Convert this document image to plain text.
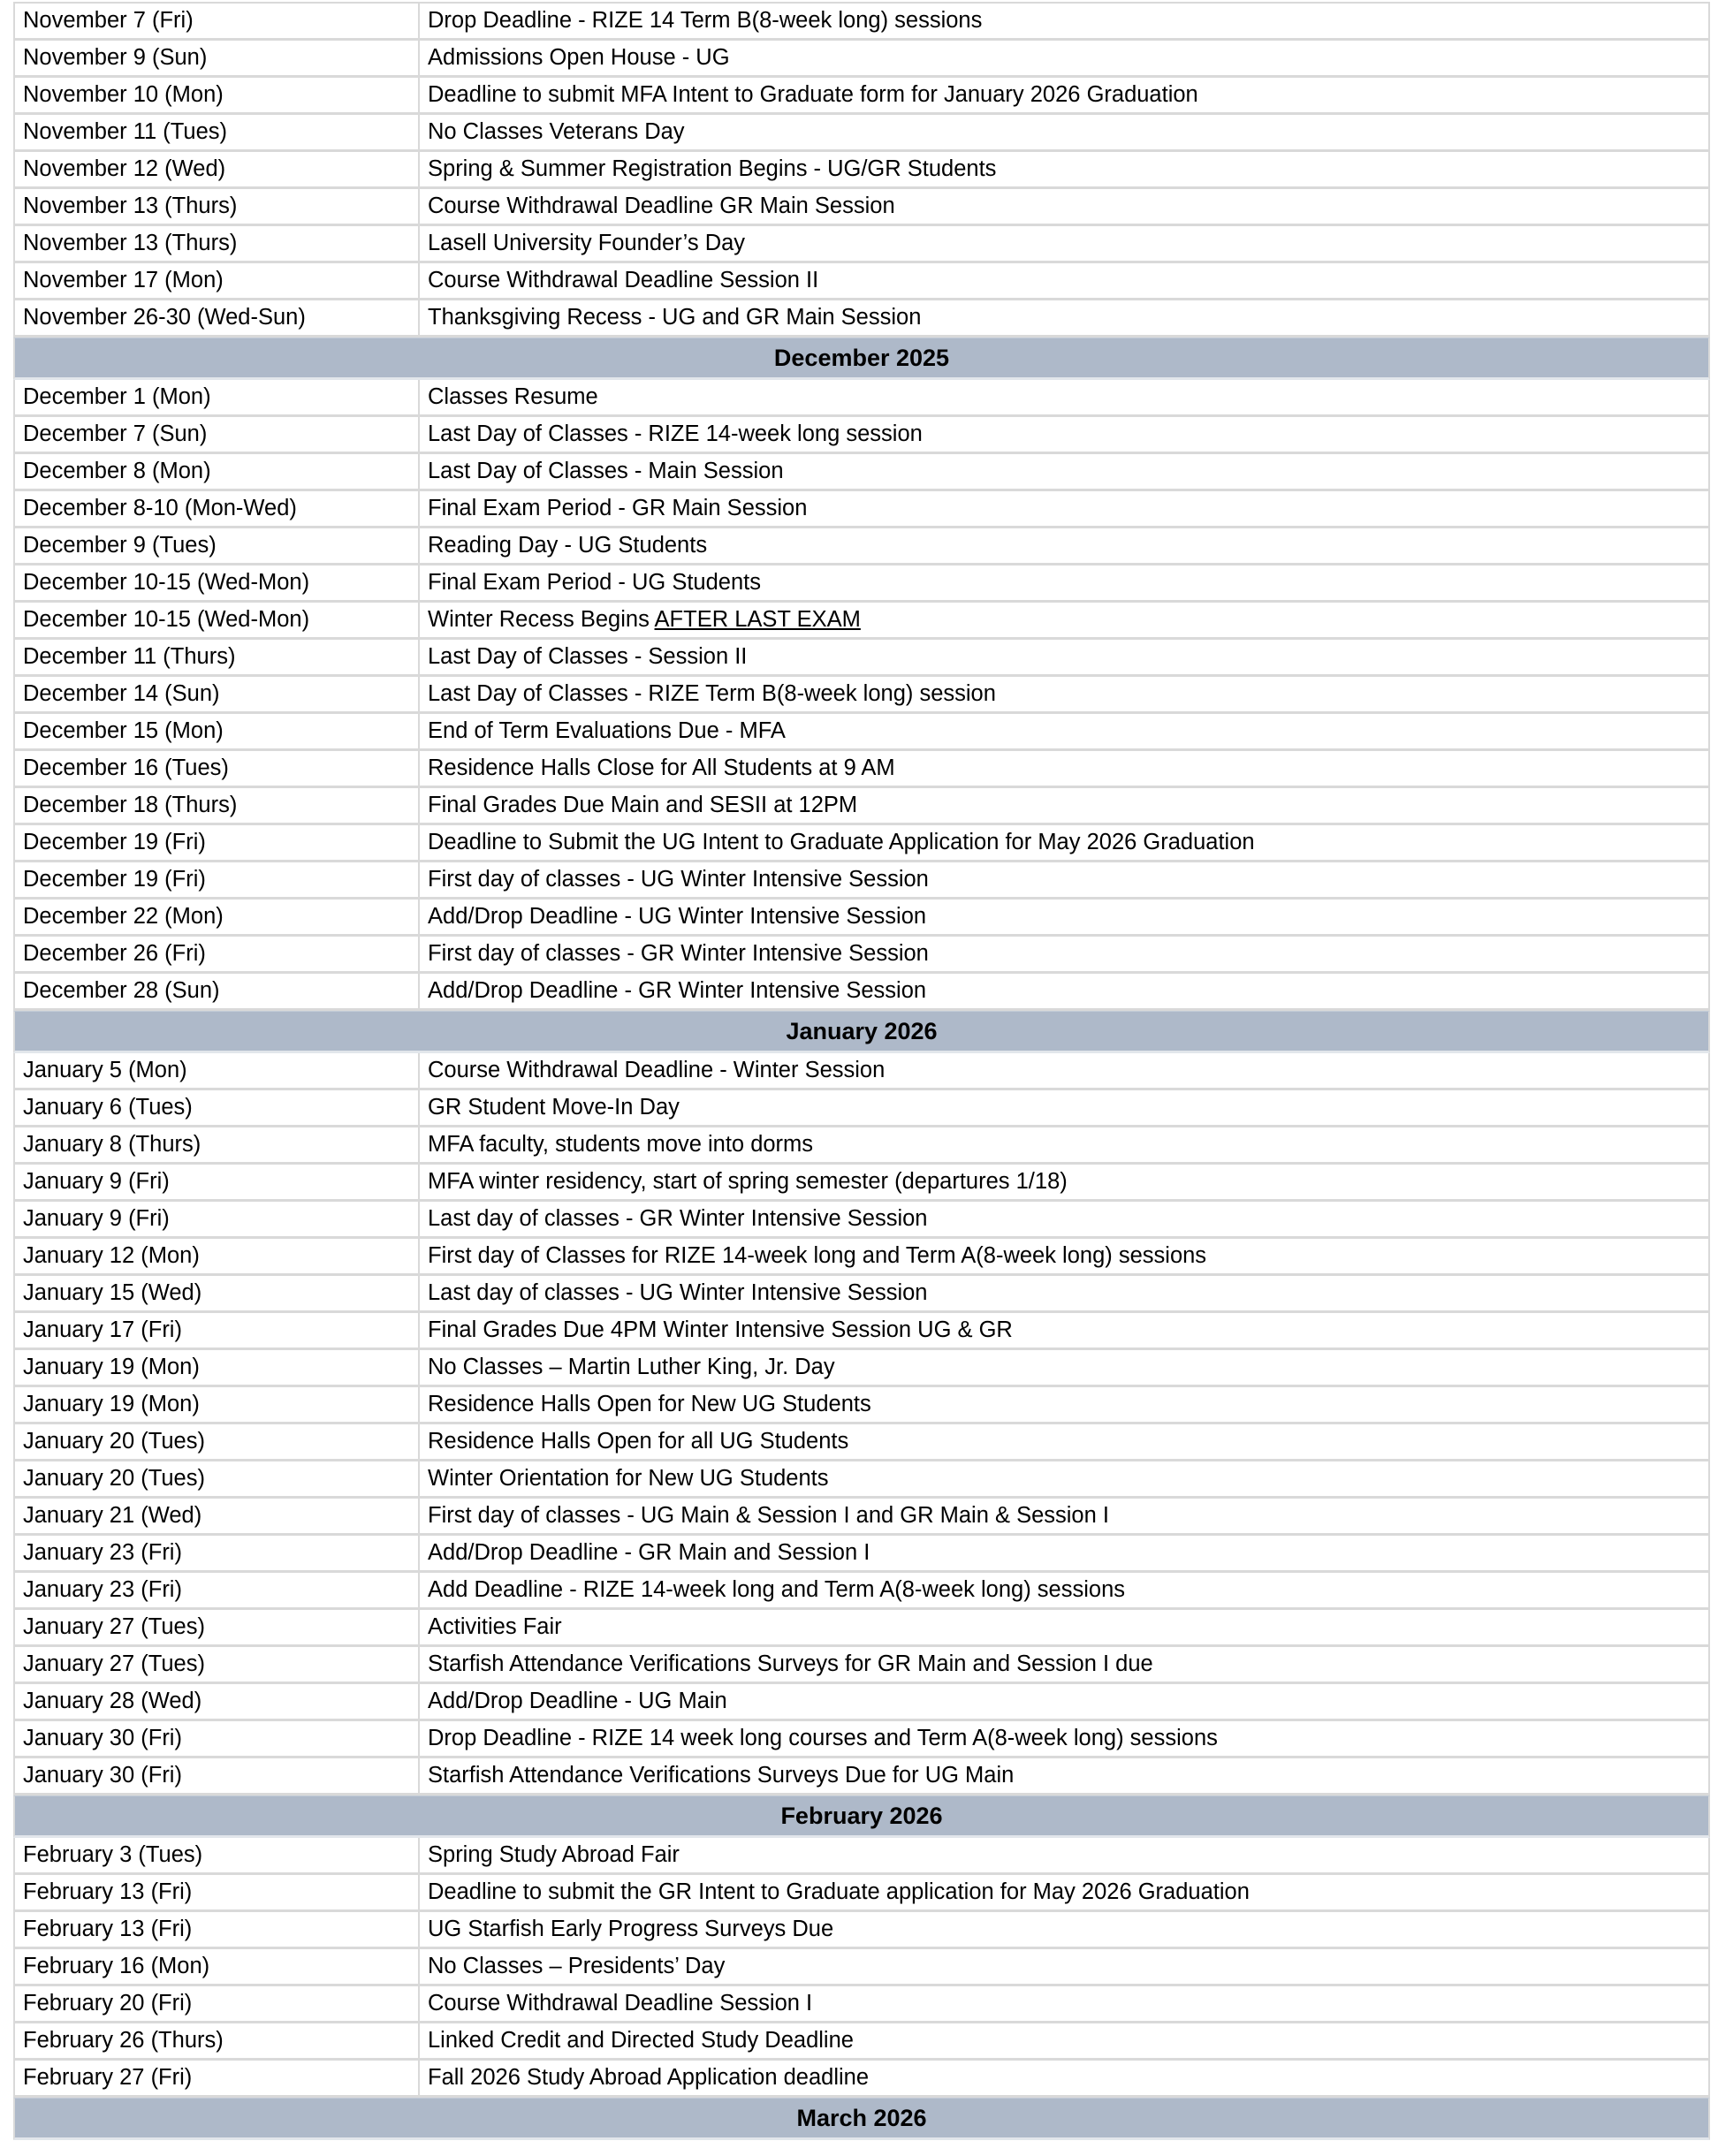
November 7 (Fri)	Drop Deadline - RIZE 14 Term B(8-week long) sessions
November 9 (Sun)	Admissions Open House - UG
November 10 (Mon)	Deadline to submit MFA Intent to Graduate form for January 2026 Graduation
November 11 (Tues)	No Classes Veterans Day
November 12 (Wed)	Spring & Summer Registration Begins - UG/GR Students
November 13 (Thurs)	Course Withdrawal Deadline GR Main Session
November 13 (Thurs)	Lasell University Founder’s Day
November 17 (Mon)	Course Withdrawal Deadline Session II
November 26-30 (Wed-Sun)	Thanksgiving Recess - UG and GR Main Session
December 2025	
December 1 (Mon)	Classes Resume
December 7 (Sun)	Last Day of Classes - RIZE 14-week long session
December 8 (Mon)	Last Day of Classes - Main Session
December 8-10 (Mon-Wed)	Final Exam Period - GR Main Session
December 9 (Tues)	Reading Day - UG Students
December 10-15 (Wed-Mon)	Final Exam Period - UG Students
December 10-15 (Wed-Mon)	Winter Recess Begins AFTER LAST EXAM
December 11 (Thurs)	Last Day of Classes - Session II
December 14 (Sun)	Last Day of Classes - RIZE Term B(8-week long) session
December 15 (Mon)	End of Term Evaluations Due - MFA
December 16 (Tues)	Residence Halls Close for All Students at 9 AM
December 18 (Thurs)	Final Grades Due Main and SESII at 12PM
December 19 (Fri)	Deadline to Submit the UG Intent to Graduate Application for May 2026 Graduation
December 19 (Fri)	First day of classes - UG Winter Intensive Session
December 22 (Mon)	Add/Drop Deadline - UG Winter Intensive Session
December 26 (Fri)	First day of classes - GR Winter Intensive Session
December 28 (Sun)	Add/Drop Deadline - GR Winter Intensive Session
January 2026	
January 5 (Mon)	Course Withdrawal Deadline - Winter Session
January 6 (Tues)	GR Student Move-In Day
January 8 (Thurs)	MFA faculty, students move into dorms
January 9 (Fri)	MFA winter residency, start of spring semester (departures 1/18)
January 9 (Fri)	Last day of classes - GR Winter Intensive Session
January 12 (Mon)	First day of Classes for RIZE 14-week long and Term A(8-week long) sessions
January 15 (Wed)	Last day of classes - UG Winter Intensive Session
January 17 (Fri)	Final Grades Due 4PM Winter Intensive Session UG & GR
January 19 (Mon)	No Classes – Martin Luther King, Jr. Day
January 19 (Mon)	Residence Halls Open for New UG Students
January 20 (Tues)	Residence Halls Open for all UG Students
January 20 (Tues)	Winter Orientation for New UG Students
January 21 (Wed)	First day of classes - UG Main & Session I and GR Main & Session I
January 23 (Fri)	Add/Drop Deadline - GR Main and Session I
January 23 (Fri)	Add Deadline - RIZE 14-week long and Term A(8-week long) sessions
January 27 (Tues)	Activities Fair
January 27 (Tues)	Starfish Attendance Verifications Surveys for GR Main and Session I due
January 28 (Wed)	Add/Drop Deadline - UG Main
January 30 (Fri)	Drop Deadline - RIZE 14 week long courses and Term A(8-week long) sessions
January 30 (Fri)	Starfish Attendance Verifications Surveys Due for UG Main
February 2026	
February 3 (Tues)	Spring Study Abroad Fair
February 13 (Fri)	Deadline to submit the GR Intent to Graduate application for May 2026 Graduation
February 13 (Fri)	UG Starfish Early Progress Surveys Due
February 16 (Mon)	No Classes – Presidents’ Day
February 20 (Fri)	Course Withdrawal Deadline Session I
February 26 (Thurs)	Linked Credit and Directed Study Deadline
February 27 (Fri)	Fall 2026 Study Abroad Application deadline
March 2026	
